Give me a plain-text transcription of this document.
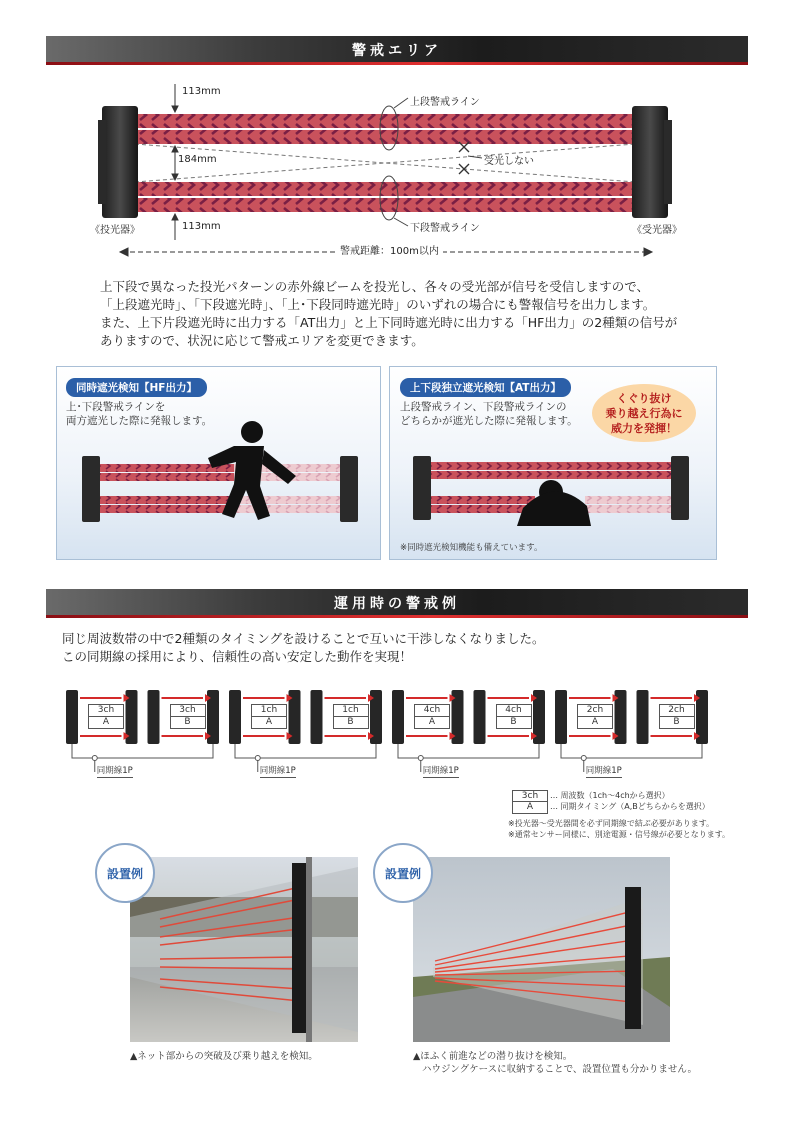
警戒エリア
113mm
184mm
113mm
上段警戒ライン
下段警戒ライン
受光しない
《投光器》	《受光器》
警戒距離：100m以内

上下段で異なった投光パターンの赤外線ビームを投光し、各々の受光部が信号を受信しますので、

「上段遮光時」、「下段遮光時」、「上･下段同時遮光時」のいずれの場合にも警報信号を出力します。

また、上下片段遮光時に出力する「AT出力」と上下同時遮光時に出力する「HF出力」の2種類の信号が

ありますので、状況に応じて警戒エリアを変更できます。

同時遮光検知【HF出力】
上･下段警戒ラインを
両方遮光した際に発報します。
上下段独立遮光検知【AT出力】
上段警戒ライン、下段警戒ラインの
どちらかが遮光した際に発報します。
くぐり抜け
乗り越え行為に
威力を発揮！
※同時遮光検知機能も備えています。
運用時の警戒例

同じ周波数帯の中で2種類のタイミングを設けることで互いに干渉しなくなりました。

この同期線の採用により、信頼性の高い安定した動作を実現！

3ch
A
同期線1P
3ch
B
1ch
A
同期線1P
1ch
B
4ch
A
同期線1P
4ch
B
2ch
A
同期線1P
2ch
B
3ch
A
… 周波数（1ch〜4chから選択）
… 同期タイミング（A,Bどちらからを選択）
※投光器〜受光器間を必ず同期線で結ぶ必要があります。
※通常センサー同様に、別途電源・信号線が必要となります。
設置例
▲ネット部からの突破及び乗り越えを検知。
設置例
▲ほふく前進などの潜り抜けを検知。
ハウジングケースに収納することで、設置位置も分かりません。
